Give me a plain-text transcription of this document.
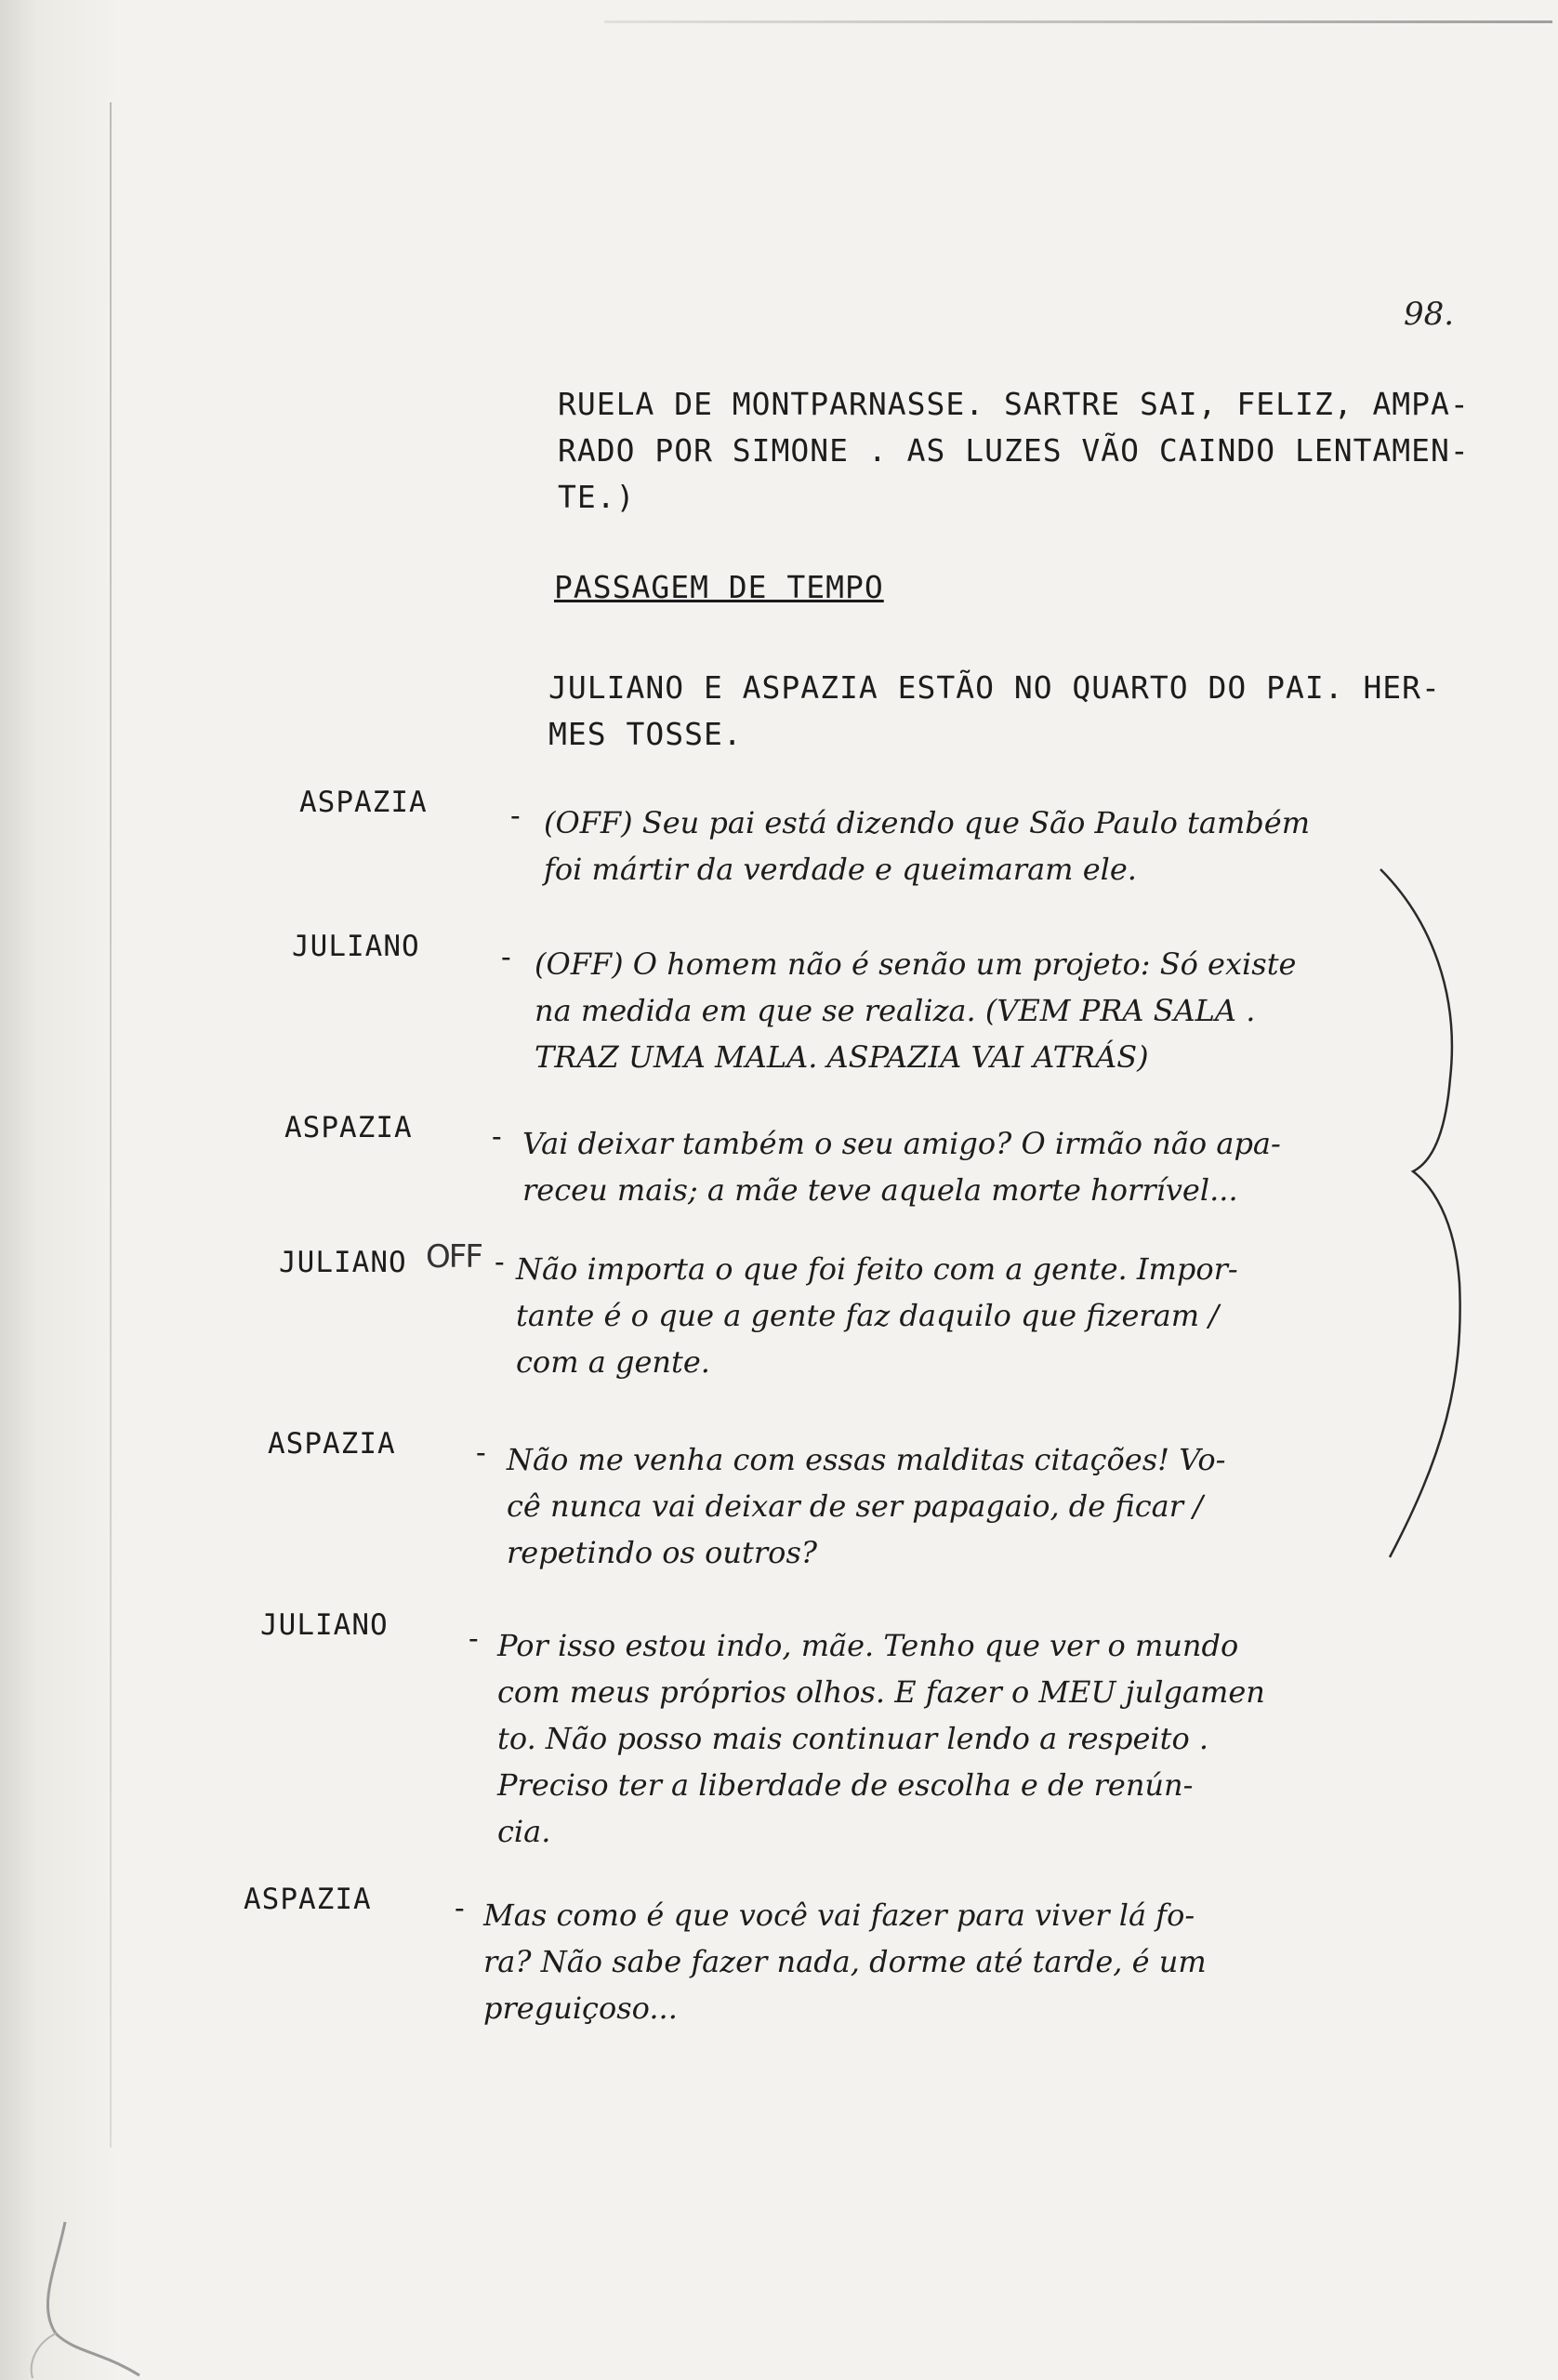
98.
RUELA DE MONTPARNASSE. SARTRE SAI, FELIZ, AMPA-
RADO POR SIMONE . AS LUZES VÃO CAINDO LENTAMEN-
TE.)
PASSAGEM DE TEMPO
JULIANO E ASPAZIA ESTÃO NO QUARTO DO PAI. HER-
MES TOSSE.
ASPAZIA	- (OFF) Seu pai está dizendo que São Paulo também
foi mártir da verdade e queimaram ele.
JULIANO	- (OFF) O homem não é senão um projeto: Só existe
na medida em que se realiza. (VEM PRA SALA .
TRAZ UMA MALA. ASPAZIA VAI ATRÁS)
ASPAZIA	- Vai deixar também o seu amigo? O irmão não apa-
receu mais; a mãe teve aquela morte horrível...
JULIANO OFF - Não importa o que foi feito com a gente. Impor-
tante é o que a gente faz daquilo que fizeram /
com a gente.
ASPAZIA	- Não me venha com essas malditas citações! Vo-
cê nunca vai deixar de ser papagaio, de ficar /
repetindo os outros?
JULIANO	- Por isso estou indo, mãe. Tenho que ver o mundo
com meus próprios olhos. E fazer o MEU julgamen
to. Não posso mais continuar lendo a respeito .
Preciso ter a liberdade de escolha e de renún-
cia.
ASPAZIA	- Mas como é que você vai fazer para viver lá fo-
ra? Não sabe fazer nada, dorme até tarde, é um
preguiçoso...
